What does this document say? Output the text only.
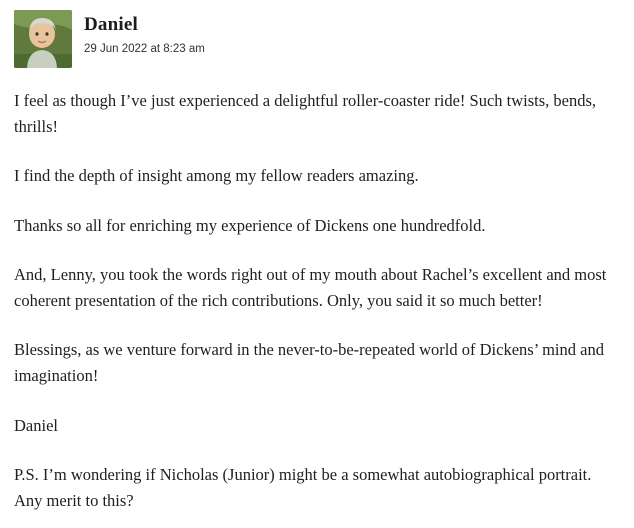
Daniel
29 Jun 2022 at 8:23 am

I feel as though I’ve just experienced a delightful roller-coaster ride! Such twists, bends, thrills!

I find the depth of insight among my fellow readers amazing.

Thanks so all for enriching my experience of Dickens one hundredfold.

And, Lenny, you took the words right out of my mouth about Rachel’s excellent and most coherent presentation of the rich contributions. Only, you said it so much better!

Blessings, as we venture forward in the never-to-be-repeated world of Dickens’ mind and imagination!

Daniel

P.S. I’m wondering if Nicholas (Junior) might be a somewhat autobiographical portrait. Any merit to this?
